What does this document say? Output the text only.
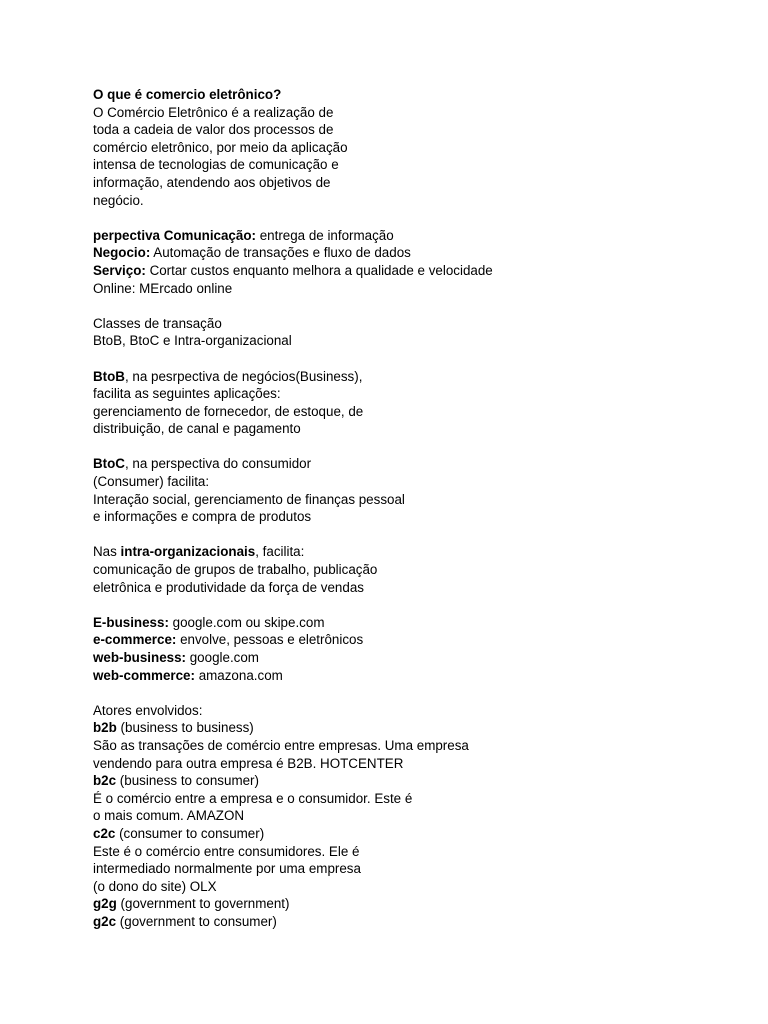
O que é comercio eletrônico?
O Comércio Eletrônico é a realização de
toda a cadeia de valor dos processos de
comércio eletrônico, por meio da aplicação
intensa de tecnologias de comunicação e
informação, atendendo aos objetivos de
negócio.
perpectiva Comunicação: entrega de informação
Negocio: Automação de transações e fluxo de dados
Serviço: Cortar custos enquanto melhora a qualidade e velocidade
Online: MErcado online
Classes de transação
BtoB, BtoC e Intra-organizacional
BtoB, na pesrpectiva de negócios(Business),
facilita as seguintes aplicações:
gerenciamento de fornecedor, de estoque, de
distribuição, de canal e pagamento
BtoC, na perspectiva do consumidor
(Consumer) facilita:
Interação social, gerenciamento de finanças pessoal
e informações e compra de produtos
Nas intra-organizacionais, facilita:
comunicação de grupos de trabalho, publicação
eletrônica e produtividade da força de vendas
E-business: google.com ou skipe.com
e-commerce: envolve, pessoas e eletrônicos
web-business: google.com
web-commerce: amazona.com
Atores envolvidos:
b2b (business to business)
São as transações de comércio entre empresas. Uma empresa
vendendo para outra empresa é B2B. HOTCENTER
b2c (business to consumer)
É o comércio entre a empresa e o consumidor. Este é
o mais comum. AMAZON
c2c (consumer to consumer)
Este é o comércio entre consumidores. Ele é
intermediado normalmente por uma empresa
(o dono do site) OLX
g2g (government to government)
g2c (government to consumer)
